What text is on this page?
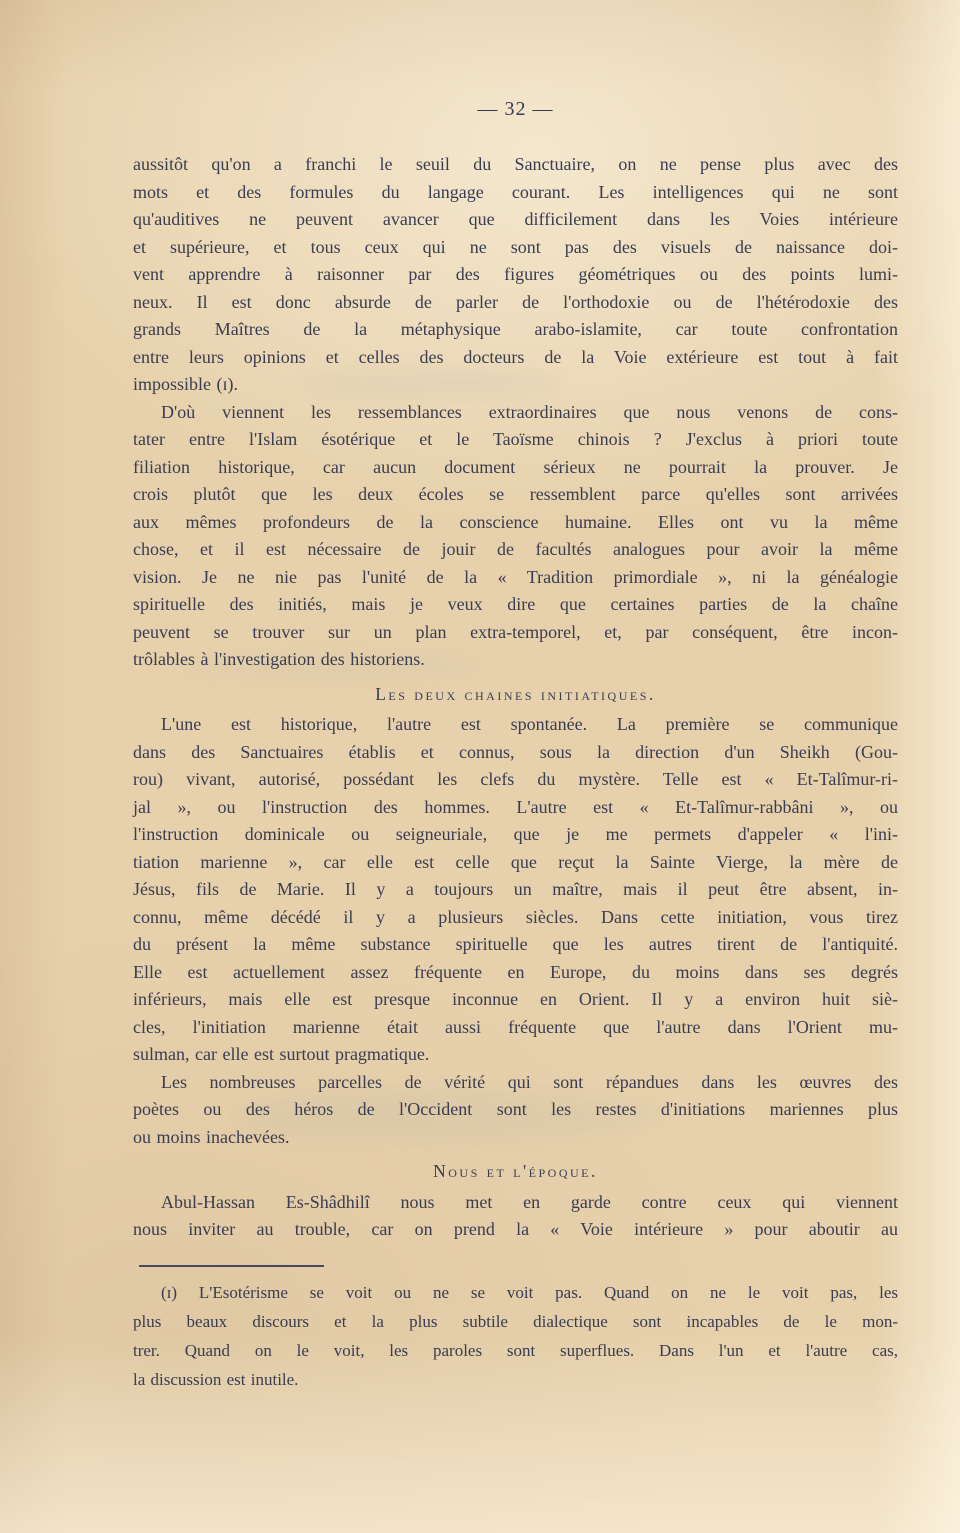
— 32 —
aussitôt qu'on a franchi le seuil du Sanctuaire, on ne pense plus avec des
mots et des formules du langage courant. Les intelligences qui ne sont
qu'auditives ne peuvent avancer que difficilement dans les Voies intérieure
et supérieure, et tous ceux qui ne sont pas des visuels de naissance doi-
vent apprendre à raisonner par des figures géométriques ou des points lumi-
neux. Il est donc absurde de parler de l'orthodoxie ou de l'hétérodoxie des
grands Maîtres de la métaphysique arabo-islamite, car toute confrontation
entre leurs opinions et celles des docteurs de la Voie extérieure est tout à fait
impossible (ɪ).
D'où viennent les ressemblances extraordinaires que nous venons de cons-
tater entre l'Islam ésotérique et le Taoïsme chinois ? J'exclus à priori toute
filiation historique, car aucun document sérieux ne pourrait la prouver. Je
crois plutôt que les deux écoles se ressemblent parce qu'elles sont arrivées
aux mêmes profondeurs de la conscience humaine. Elles ont vu la même
chose, et il est nécessaire de jouir de facultés analogues pour avoir la même
vision. Je ne nie pas l'unité de la « Tradition primordiale », ni la généalogie
spirituelle des initiés, mais je veux dire que certaines parties de la chaîne
peuvent se trouver sur un plan extra-temporel, et, par conséquent, être incon-
trôlables à l'investigation des historiens.
Les deux chaines initiatiques.
L'une est historique, l'autre est spontanée. La première se communique
dans des Sanctuaires établis et connus, sous la direction d'un Sheikh (Gou-
rou) vivant, autorisé, possédant les clefs du mystère. Telle est « Et-Talîmur-ri-
jal », ou l'instruction des hommes. L'autre est « Et-Talîmur-rabbâni », ou
l'instruction dominicale ou seigneuriale, que je me permets d'appeler « l'ini-
tiation marienne », car elle est celle que reçut la Sainte Vierge, la mère de
Jésus, fils de Marie. Il y a toujours un maître, mais il peut être absent, in-
connu, même décédé il y a plusieurs siècles. Dans cette initiation, vous tirez
du présent la même substance spirituelle que les autres tirent de l'antiquité.
Elle est actuellement assez fréquente en Europe, du moins dans ses degrés
inférieurs, mais elle est presque inconnue en Orient. Il y a environ huit siè-
cles, l'initiation marienne était aussi fréquente que l'autre dans l'Orient mu-
sulman, car elle est surtout pragmatique.
Les nombreuses parcelles de vérité qui sont répandues dans les œuvres des
poètes ou des héros de l'Occident sont les restes d'initiations mariennes plus
ou moins inachevées.
Nous et l'époque.
Abul-Hassan Es-Shâdhilî nous met en garde contre ceux qui viennent
nous inviter au trouble, car on prend la « Voie intérieure » pour aboutir au
(ɪ) L'Esotérisme se voit ou ne se voit pas. Quand on ne le voit pas, les
plus beaux discours et la plus subtile dialectique sont incapables de le mon-
trer. Quand on le voit, les paroles sont superflues. Dans l'un et l'autre cas,
la discussion est inutile.
